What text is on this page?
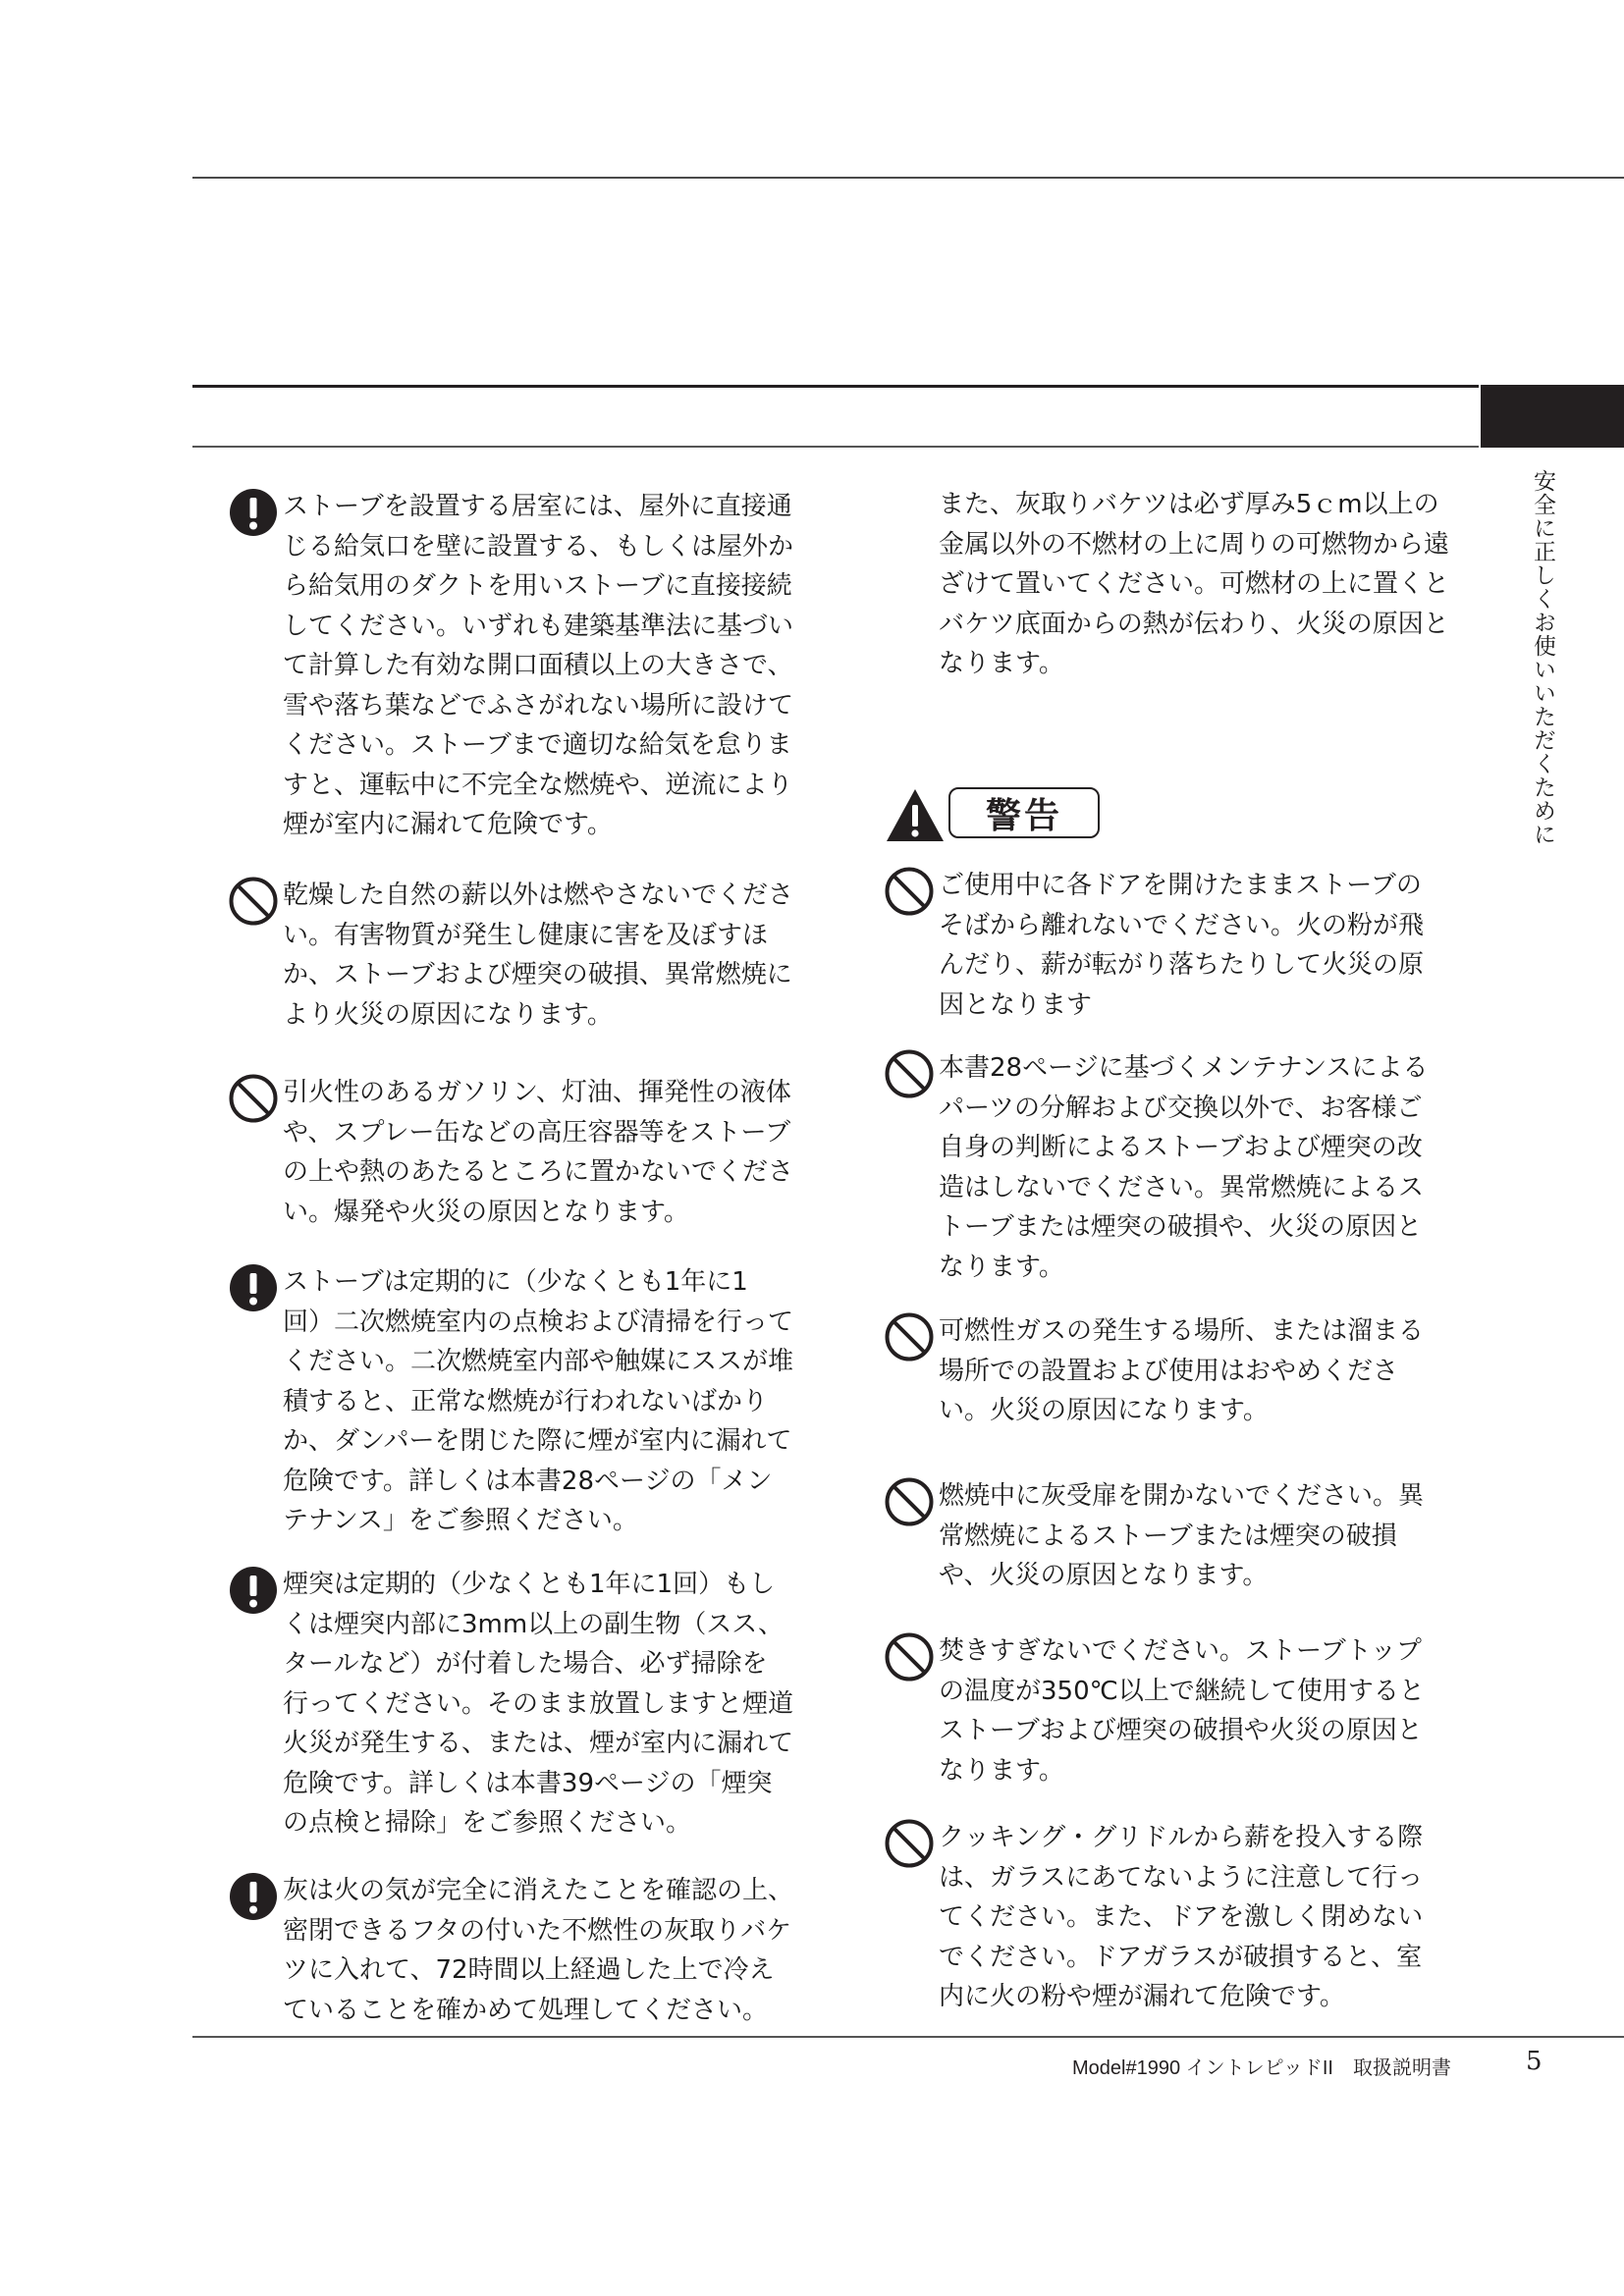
安全に正しくお使いいただくために
ストーブを設置する居室には、屋外に直接通
じる給気口を壁に設置する、もしくは屋外か
ら給気用のダクトを用いストーブに直接接続
してください。いずれも建築基準法に基づい
て計算した有効な開口面積以上の大きさで、
雪や落ち葉などでふさがれない場所に設けて
ください。ストーブまで適切な給気を怠りま
すと、運転中に不完全な燃焼や、逆流により
煙が室内に漏れて危険です。
乾燥した自然の薪以外は燃やさないでくださ
い。有害物質が発生し健康に害を及ぼすほ
か、ストーブおよび煙突の破損、異常燃焼に
より火災の原因になります。
引火性のあるガソリン、灯油、揮発性の液体
や、スプレー缶などの高圧容器等をストーブ
の上や熱のあたるところに置かないでくださ
い。爆発や火災の原因となります。
ストーブは定期的に（少なくとも1年に1
回）二次燃焼室内の点検および清掃を行って
ください。二次燃焼室内部や触媒にススが堆
積すると、正常な燃焼が行われないばかり
か、ダンパーを閉じた際に煙が室内に漏れて
危険です。詳しくは本書28ページの「メン
テナンス」をご参照ください。
煙突は定期的（少なくとも1年に1回）もし
くは煙突内部に3mm以上の副生物（スス、
タールなど）が付着した場合、必ず掃除を
行ってください。そのまま放置しますと煙道
火災が発生する、または、煙が室内に漏れて
危険です。詳しくは本書39ページの「煙突
の点検と掃除」をご参照ください。
灰は火の気が完全に消えたことを確認の上、
密閉できるフタの付いた不燃性の灰取りバケ
ツに入れて、72時間以上経過した上で冷え
ていることを確かめて処理してください。
また、灰取りバケツは必ず厚み5ｃm以上の
金属以外の不燃材の上に周りの可燃物から遠
ざけて置いてください。可燃材の上に置くと
バケツ底面からの熱が伝わり、火災の原因と
なります。
警告
ご使用中に各ドアを開けたままストーブの
そばから離れないでください。火の粉が飛
んだり、薪が転がり落ちたりして火災の原
因となります
本書28ページに基づくメンテナンスによる
パーツの分解および交換以外で、お客様ご
自身の判断によるストーブおよび煙突の改
造はしないでください。異常燃焼によるス
トーブまたは煙突の破損や、火災の原因と
なります。
可燃性ガスの発生する場所、または溜まる
場所での設置および使用はおやめくださ
い。火災の原因になります。
燃焼中に灰受扉を開かないでください。異
常燃焼によるストーブまたは煙突の破損
や、火災の原因となります。
焚きすぎないでください。ストーブトップ
の温度が350℃以上で継続して使用すると
ストーブおよび煙突の破損や火災の原因と
なります。
クッキング・グリドルから薪を投入する際
は、ガラスにあてないように注意して行っ
てください。また、ドアを激しく閉めない
でください。ドアガラスが破損すると、室
内に火の粉や煙が漏れて危険です。
Model#1990 イントレピッドII　取扱説明書	5
